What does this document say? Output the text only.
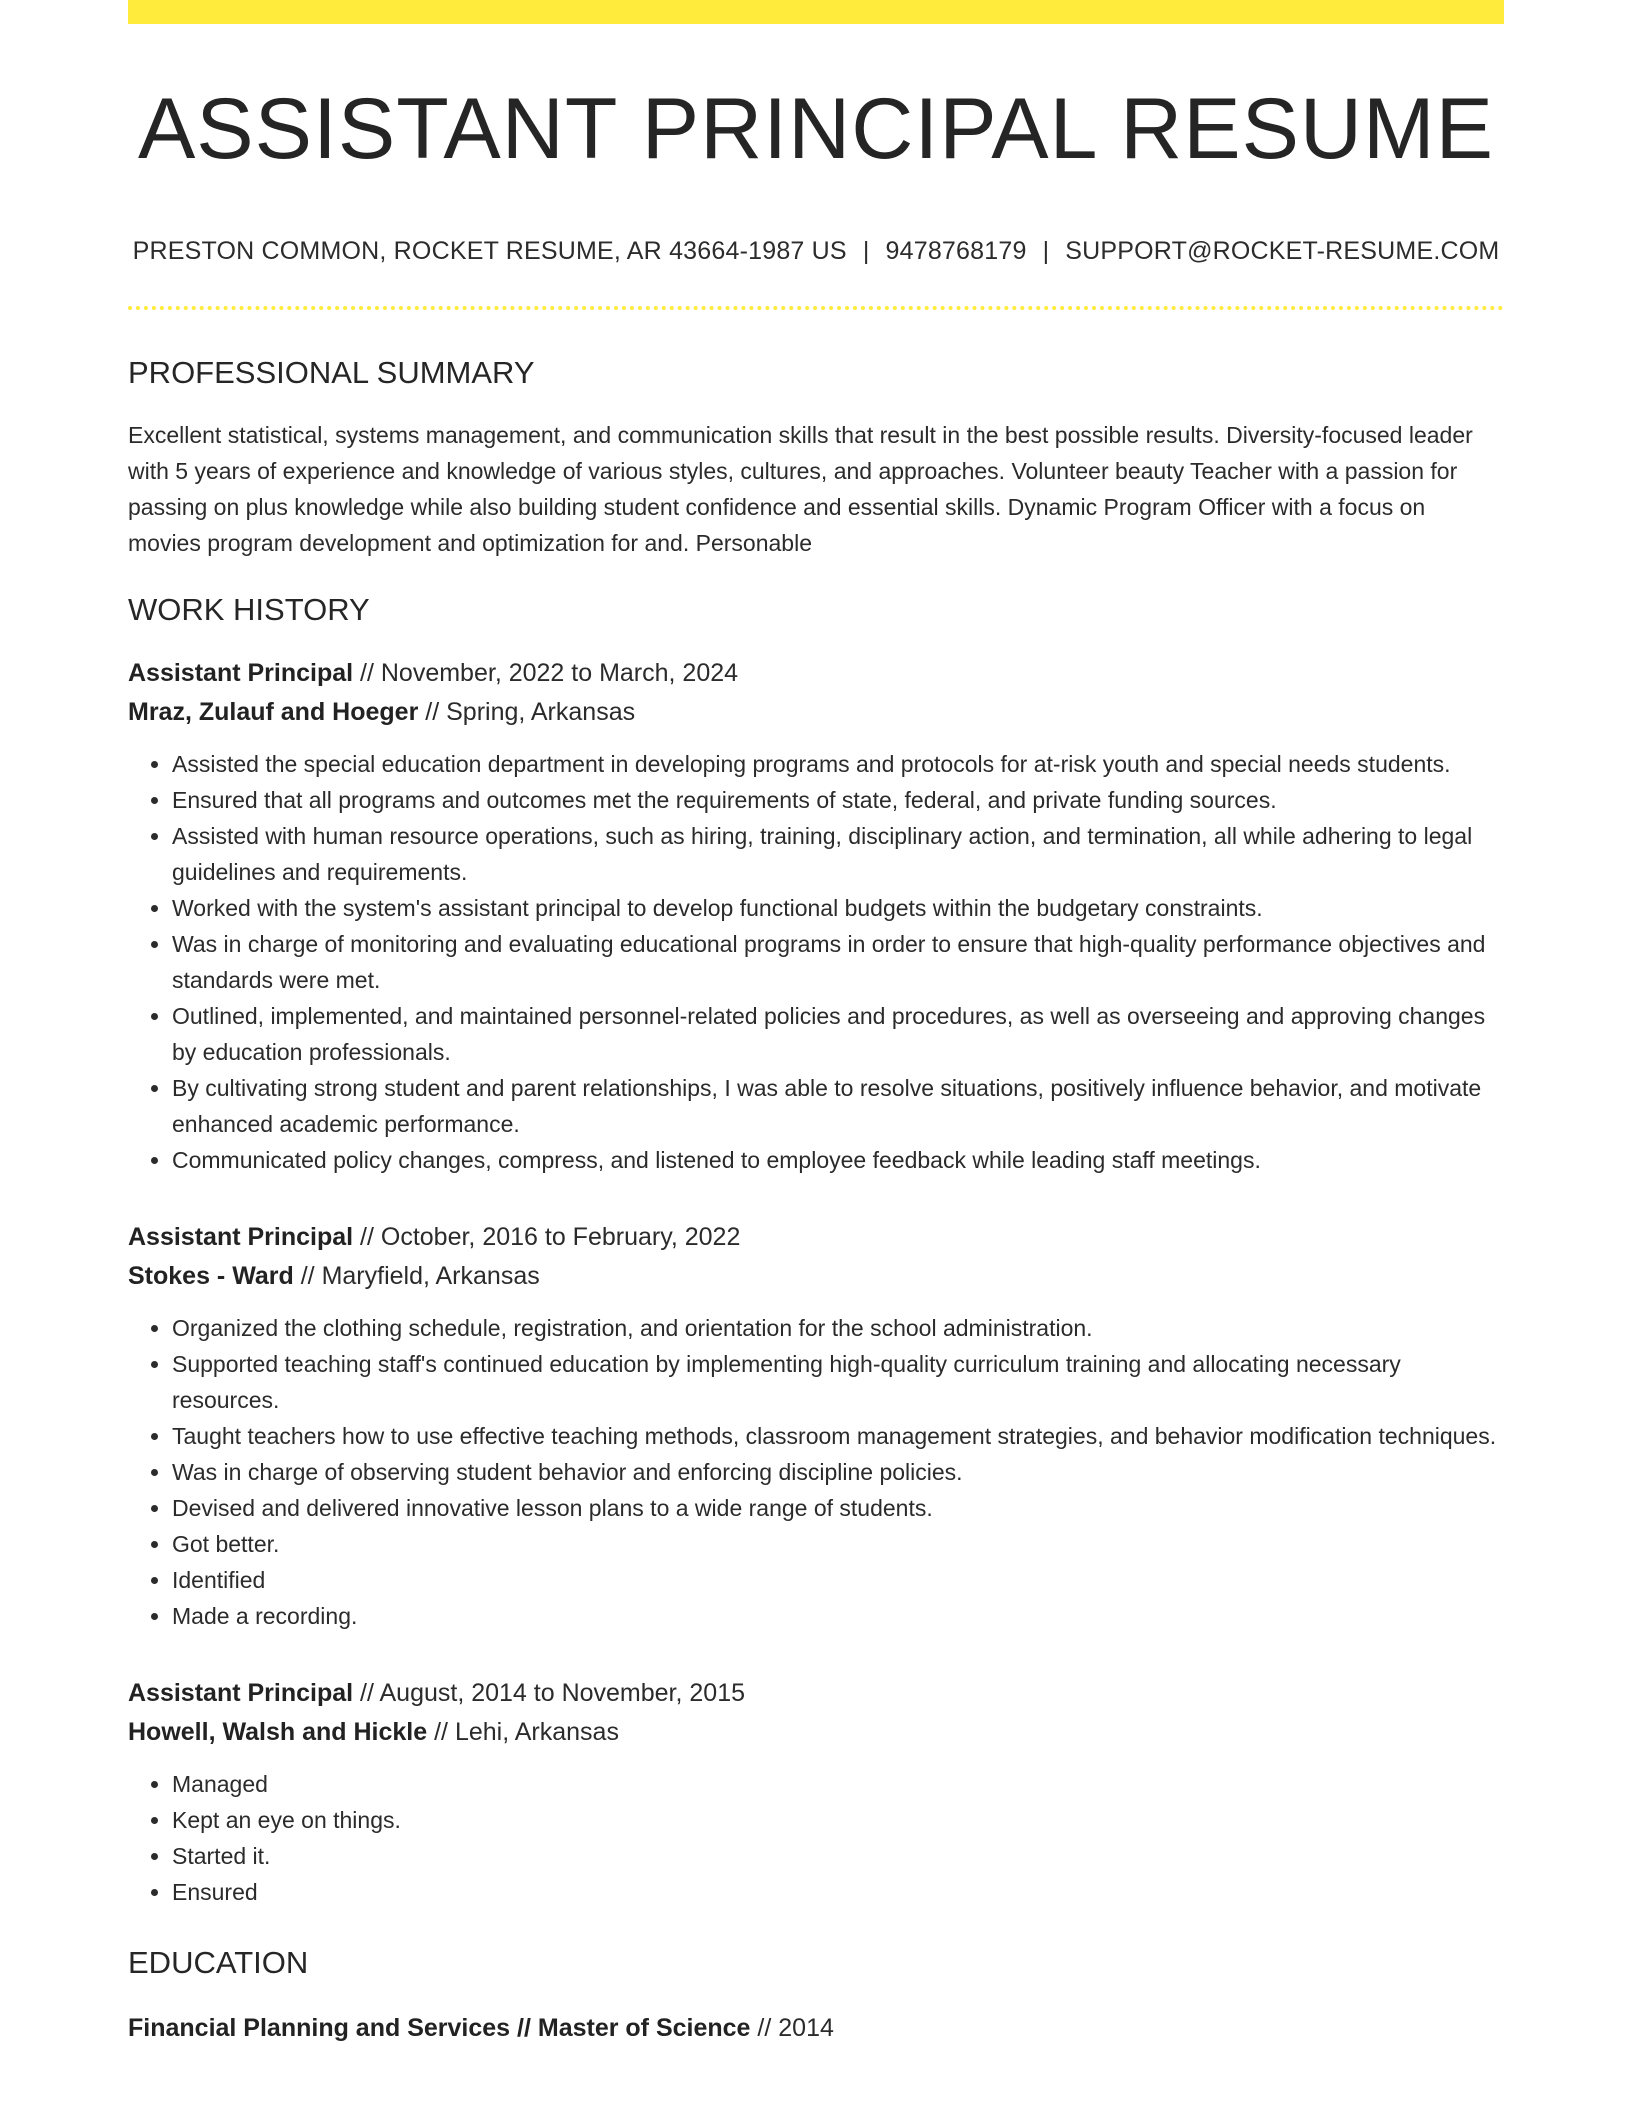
ASSISTANT PRINCIPAL RESUME
PRESTON COMMON, ROCKET RESUME, AR 43664-1987 US | 9478768179 | SUPPORT@ROCKET-RESUME.COM
PROFESSIONAL SUMMARY

Excellent statistical, systems management, and communication skills that result in the best possible results. Diversity-focused leader with 5 years of experience and knowledge of various styles, cultures, and approaches. Volunteer beauty Teacher with a passion for passing on plus knowledge while also building student confidence and essential skills. Dynamic Program Officer with a focus on movies program development and optimization for and. Personable

WORK HISTORY
Assistant Principal // November, 2022 to March, 2024
Mraz, Zulauf and Hoeger // Spring, Arkansas
• Assisted the special education department in developing programs and protocols for at-risk youth and special needs students.
• Ensured that all programs and outcomes met the requirements of state, federal, and private funding sources.
• Assisted with human resource operations, such as hiring, training, disciplinary action, and termination, all while adhering to legal guidelines and requirements.
• Worked with the system's assistant principal to develop functional budgets within the budgetary constraints.
• Was in charge of monitoring and evaluating educational programs in order to ensure that high-quality performance objectives and standards were met.
• Outlined, implemented, and maintained personnel-related policies and procedures, as well as overseeing and approving changes by education professionals.
• By cultivating strong student and parent relationships, I was able to resolve situations, positively influence behavior, and motivate enhanced academic performance.
• Communicated policy changes, compress, and listened to employee feedback while leading staff meetings.
Assistant Principal // October, 2016 to February, 2022
Stokes - Ward // Maryfield, Arkansas
• Organized the clothing schedule, registration, and orientation for the school administration.
• Supported teaching staff's continued education by implementing high-quality curriculum training and allocating necessary resources.
• Taught teachers how to use effective teaching methods, classroom management strategies, and behavior modification techniques.
• Was in charge of observing student behavior and enforcing discipline policies.
• Devised and delivered innovative lesson plans to a wide range of students.
• Got better.
• Identified
• Made a recording.
Assistant Principal // August, 2014 to November, 2015
Howell, Walsh and Hickle // Lehi, Arkansas
• Managed
• Kept an eye on things.
• Started it.
• Ensured
EDUCATION
Financial Planning and Services // Master of Science // 2014
